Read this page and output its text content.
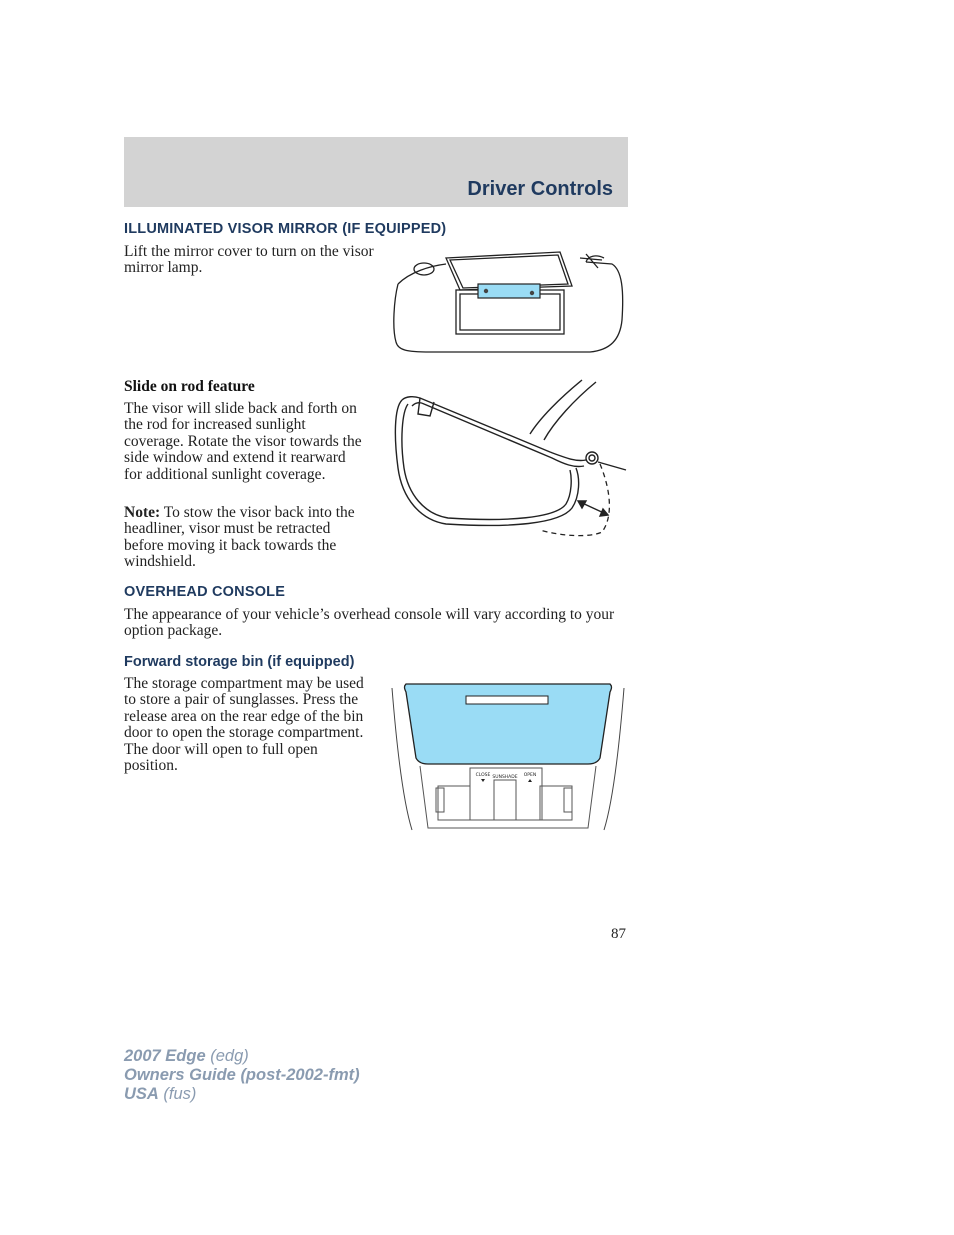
Driver Controls
ILLUMINATED VISOR MIRROR (IF EQUIPPED)

Lift the mirror cover to turn on the visor mirror lamp.

Slide on rod feature

The visor will slide back and forth on the rod for increased sunlight coverage. Rotate the visor towards the side window and extend it rearward for additional sunlight coverage.

Note: To stow the visor back into the headliner, visor must be retracted before moving it back towards the windshield.

OVERHEAD CONSOLE

The appearance of your vehicle’s overhead console will vary according to your option package.

Forward storage bin (if equipped)

The storage compartment may be used to store a pair of sunglasses. Press the release area on the rear edge of the bin door to open the storage compartment. The door will open to full open position.

CLOSE SUNSHADE OPEN
87
2007 Edge (edg)
Owners Guide (post-2002-fmt)
USA (fus)
